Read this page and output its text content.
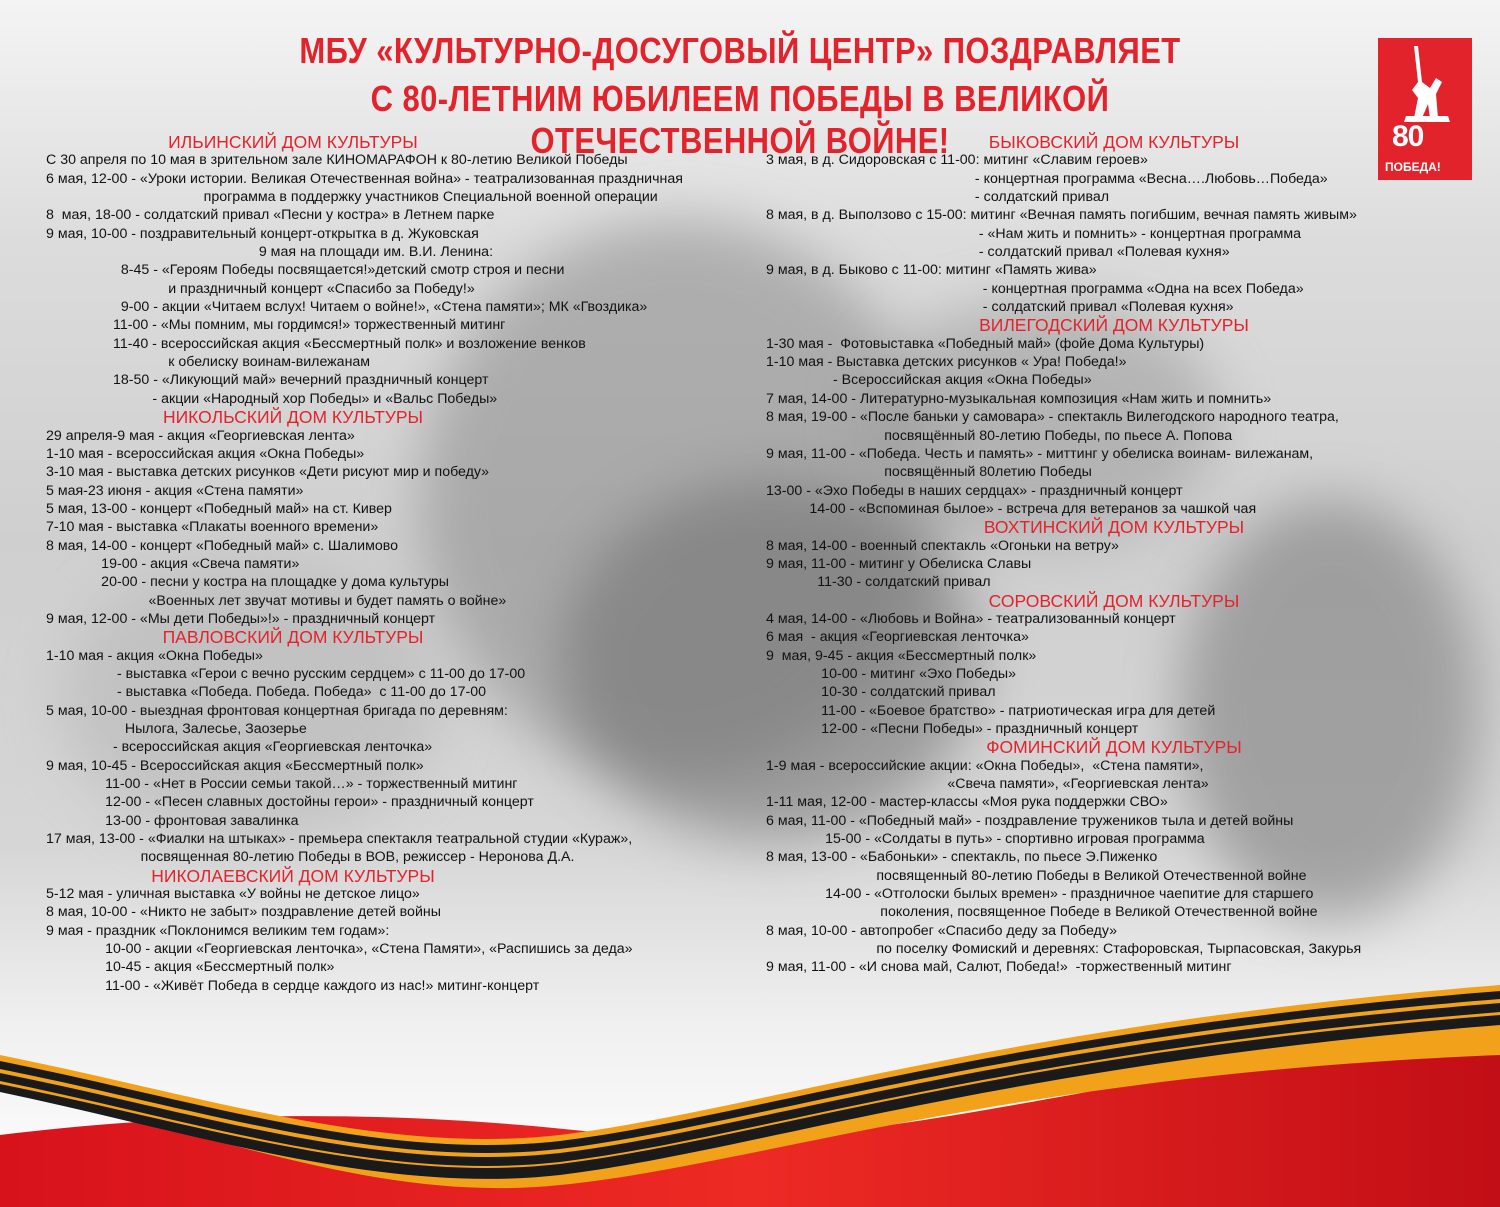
МБУ «КУЛЬТУРНО-ДОСУГОВЫЙ ЦЕНТР» ПОЗДРАВЛЯЕТ
С 80-ЛЕТНИМ ЮБИЛЕЕМ ПОБЕДЫ В ВЕЛИКОЙ ОТЕЧЕСТВЕННОЙ ВОЙНЕ!	80
ПОБЕДА!
ИЛЬИНСКИЙ ДОМ КУЛЬТУРЫ
С 30 апреля по 10 мая в зрительном зале КИНОМАРАФОН к 80-летию Великой Победы
6 мая, 12-00 - «Уроки истории. Великая Отечественная война» - театрализованная праздничная
программа в поддержку участников Специальной военной операции
8  мая, 18-00 - солдатский привал «Песни у костра» в Летнем парке
9 мая, 10-00 - поздравительный концерт-открытка в д. Жуковская
9 мая на площади им. В.И. Ленина:
8-45 - «Героям Победы посвящается!»детский смотр строя и песни
и праздничный концерт «Спасибо за Победу!»
9-00 - акции «Читаем вслух! Читаем о войне!», «Стена памяти»; МК «Гвоздика»
11-00 - «Мы помним, мы гордимся!» торжественный митинг
11-40 - всероссийская акция «Бессмертный полк» и возложение венков
к обелиску воинам-вилежанам
18-50 - «Ликующий май» вечерний праздничный концерт
- акции «Народный хор Победы» и «Вальс Победы»
НИКОЛЬСКИЙ ДОМ КУЛЬТУРЫ
29 апреля-9 мая - акция «Георгиевская лента»
1-10 мая - всероссийская акция «Окна Победы»
3-10 мая - выставка детских рисунков «Дети рисуют мир и победу»
5 мая-23 июня - акция «Стена памяти»
5 мая, 13-00 - концерт «Победный май» на ст. Кивер
7-10 мая - выставка «Плакаты военного времени»
8 мая, 14-00 - концерт «Победный май» с. Шалимово
19-00 - акция «Свеча памяти»
20-00 - песни у костра на площадке у дома культуры
«Военных лет звучат мотивы и будет память о войне»
9 мая, 12-00 - «Мы дети Победы»!» - праздничный концерт
ПАВЛОВСКИЙ ДОМ КУЛЬТУРЫ
1-10 мая - акция «Окна Победы»
- выставка «Герои с вечно русским сердцем» с 11-00 до 17-00
- выставка «Победа. Победа. Победа»  с 11-00 до 17-00
5 мая, 10-00 - выездная фронтовая концертная бригада по деревням:
Нылога, Залесье, Заозерье
- всероссийская акция «Георгиевская ленточка»
9 мая, 10-45 - Всероссийская акция «Бессмертный полк»
11-00 - «Нет в России семьи такой…» - торжественный митинг
12-00 - «Песен славных достойны герои» - праздничный концерт
13-00 - фронтовая завалинка
17 мая, 13-00 - «Фиалки на штыках» - премьера спектакля театральной студии «Кураж»,
посвященная 80-летию Победы в ВОВ, режиссер - Неронова Д.А.
НИКОЛАЕВСКИЙ ДОМ КУЛЬТУРЫ
5-12 мая - уличная выставка «У войны не детское лицо»
8 мая, 10-00 - «Никто не забыт» поздравление детей войны
9 мая - праздник «Поклонимся великим тем годам»:
10-00 - акции «Георгиевская ленточка», «Стена Памяти», «Распишись за деда»
10-45 - акция «Бессмертный полк»
11-00 - «Живёт Победа в сердце каждого из нас!» митинг-концерт
БЫКОВСКИЙ ДОМ КУЛЬТУРЫ
3 мая, в д. Сидоровская с 11-00: митинг «Славим героев»
- концертная программа «Весна….Любовь…Победа»
- солдатский привал
8 мая, в д. Выползово с 15-00: митинг «Вечная память погибшим, вечная память живым»
- «Нам жить и помнить» - концертная программа
- солдатский привал «Полевая кухня»
9 мая, в д. Быково с 11-00: митинг «Память жива»
- концертная программа «Одна на всех Победа»
- солдатский привал «Полевая кухня»
ВИЛЕГОДСКИЙ ДОМ КУЛЬТУРЫ
1-30 мая -  Фотовыставка «Победный май» (фойе Дома Культуры)
1-10 мая - Выставка детских рисунков « Ура! Победа!»
- Всероссийская акция «Окна Победы»
7 мая, 14-00 - Литературно-музыкальная композиция «Нам жить и помнить»
8 мая, 19-00 - «После баньки у самовара» - спектакль Вилегодского народного театра,
посвящённый 80-летию Победы, по пьесе А. Попова
9 мая, 11-00 - «Победа. Честь и память» - миттинг у обелиска воинам- вилежанам,
посвящённый 80летию Победы
13-00 - «Эхо Победы в наших сердцах» - праздничный концерт
14-00 - «Вспоминая былое» - встреча для ветеранов за чашкой чая
ВОХТИНСКИЙ ДОМ КУЛЬТУРЫ
8 мая, 14-00 - военный спектакль «Огоньки на ветру»
9 мая, 11-00 - митинг у Обелиска Славы
11-30 - солдатский привал
СОРОВСКИЙ ДОМ КУЛЬТУРЫ
4 мая, 14-00 - «Любовь и Война» - театрализованный концерт
6 мая  - акция «Георгиевская ленточка»
9  мая, 9-45 - акция «Бессмертный полк»
10-00 - митинг «Эхо Победы»
10-30 - солдатский привал
11-00 - «Боевое братство» - патриотическая игра для детей
12-00 - «Песни Победы» - праздничный концерт
ФОМИНСКИЙ ДОМ КУЛЬТУРЫ
1-9 мая - всероссийские акции: «Окна Победы»,  «Стена памяти»,
«Свеча памяти», «Георгиевская лента»
1-11 мая, 12-00 - мастер-классы «Моя рука поддержки СВО»
6 мая, 11-00 - «Победный май» - поздравление тружеников тыла и детей войны
15-00 - «Солдаты в путь» - спортивно игровая программа
8 мая, 13-00 - «Бабоньки» - спектакль, по пьесе Э.Пиженко
посвященный 80-летию Победы в Великой Отечественной войне
14-00 - «Отголоски былых времен» - праздничное чаепитие для старшего
поколения, посвященное Победе в Великой Отечественной войне
8 мая, 10-00 - автопробег «Спасибо деду за Победу»
по поселку Фомиский и деревнях: Стафоровская, Тырпасовская, Закурья
9 мая, 11-00 - «И снова май, Салют, Победа!»  -торжественный митинг
